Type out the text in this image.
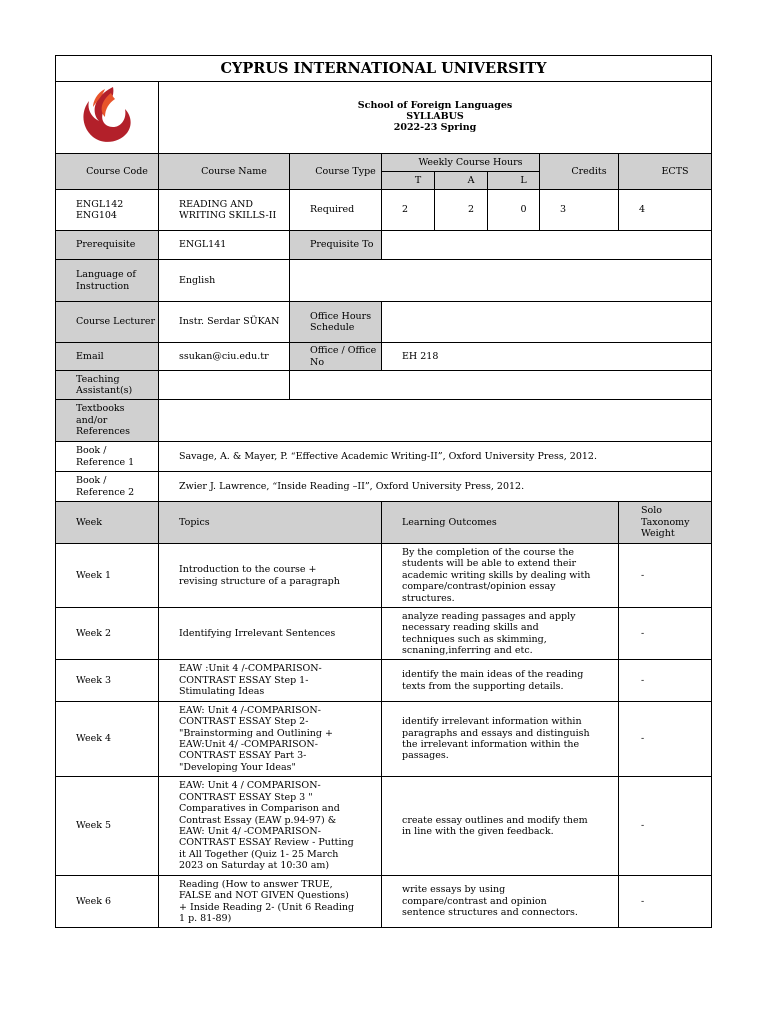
CYPRUS INTERNATIONAL UNIVERSITY							

School of Foreign Languages
SYLLABUS
2022-23 Spring						

Course Code	Course Name	Course Type	Weekly Course Hours			Credits	ECTS
			T	A	L		
ENGL142
ENG104	READING AND WRITING SKILLS-II	Required	2	2	0	3	4
Prerequisite	ENGL141	Prequisite To					
Language of Instruction	English						
Course Lecturer	Instr. Serdar SÜKAN	Office Hours Schedule					
Email	ssukan@ciu.edu.tr	Office / Office No	EH 218				
Teaching Assistant(s)							
Textbooks and/or References							
Book / Reference 1	Savage, A. & Mayer, P. “Effective Academic Writing-II”, Oxford University Press, 2012.						
Book / Reference 2	Zwier J. Lawrence, “Inside Reading –II”, Oxford University Press, 2012.						
Week	Topics		Learning Outcomes				Solo Taxonomy Weight
Week 1	Introduction to the course + revising structure of a paragraph		By the completion of the course the students will be able to extend their academic writing skills by dealing with compare/contrast/opinion essay structures.				-
Week 2	Identifying Irrelevant Sentences		analyze reading passages and apply necessary reading skills and techniques such as skimming, scnaning,inferring and etc.				-
Week 3	EAW :Unit 4 /-COMPARISON-CONTRAST ESSAY Step 1-Stimulating Ideas		identify the main ideas of the reading texts from the supporting details.				-
Week 4	EAW: Unit 4 /-COMPARISON-CONTRAST ESSAY Step 2-"Brainstorming and Outlining + EAW:Unit 4/ -COMPARISON-CONTRAST ESSAY Part 3-"Developing Your Ideas"		identify irrelevant information within paragraphs and essays and distinguish the irrelevant information within the passages.				-
Week 5	EAW: Unit 4 / COMPARISON-CONTRAST ESSAY Step 3 " Comparatives in Comparison and Contrast Essay (EAW p.94-97) & EAW: Unit 4/ -COMPARISON-CONTRAST ESSAY Review - Putting it All Together (Quiz 1- 25 March 2023 on Saturday at 10:30 am)		create essay outlines and modify them in line with the given feedback.				-
Week 6	Reading (How to answer TRUE, FALSE and NOT GIVEN Questions) + Inside Reading 2- (Unit 6 Reading 1 p. 81-89)		write essays by using compare/contrast and opinion sentence structures and connectors.				-
